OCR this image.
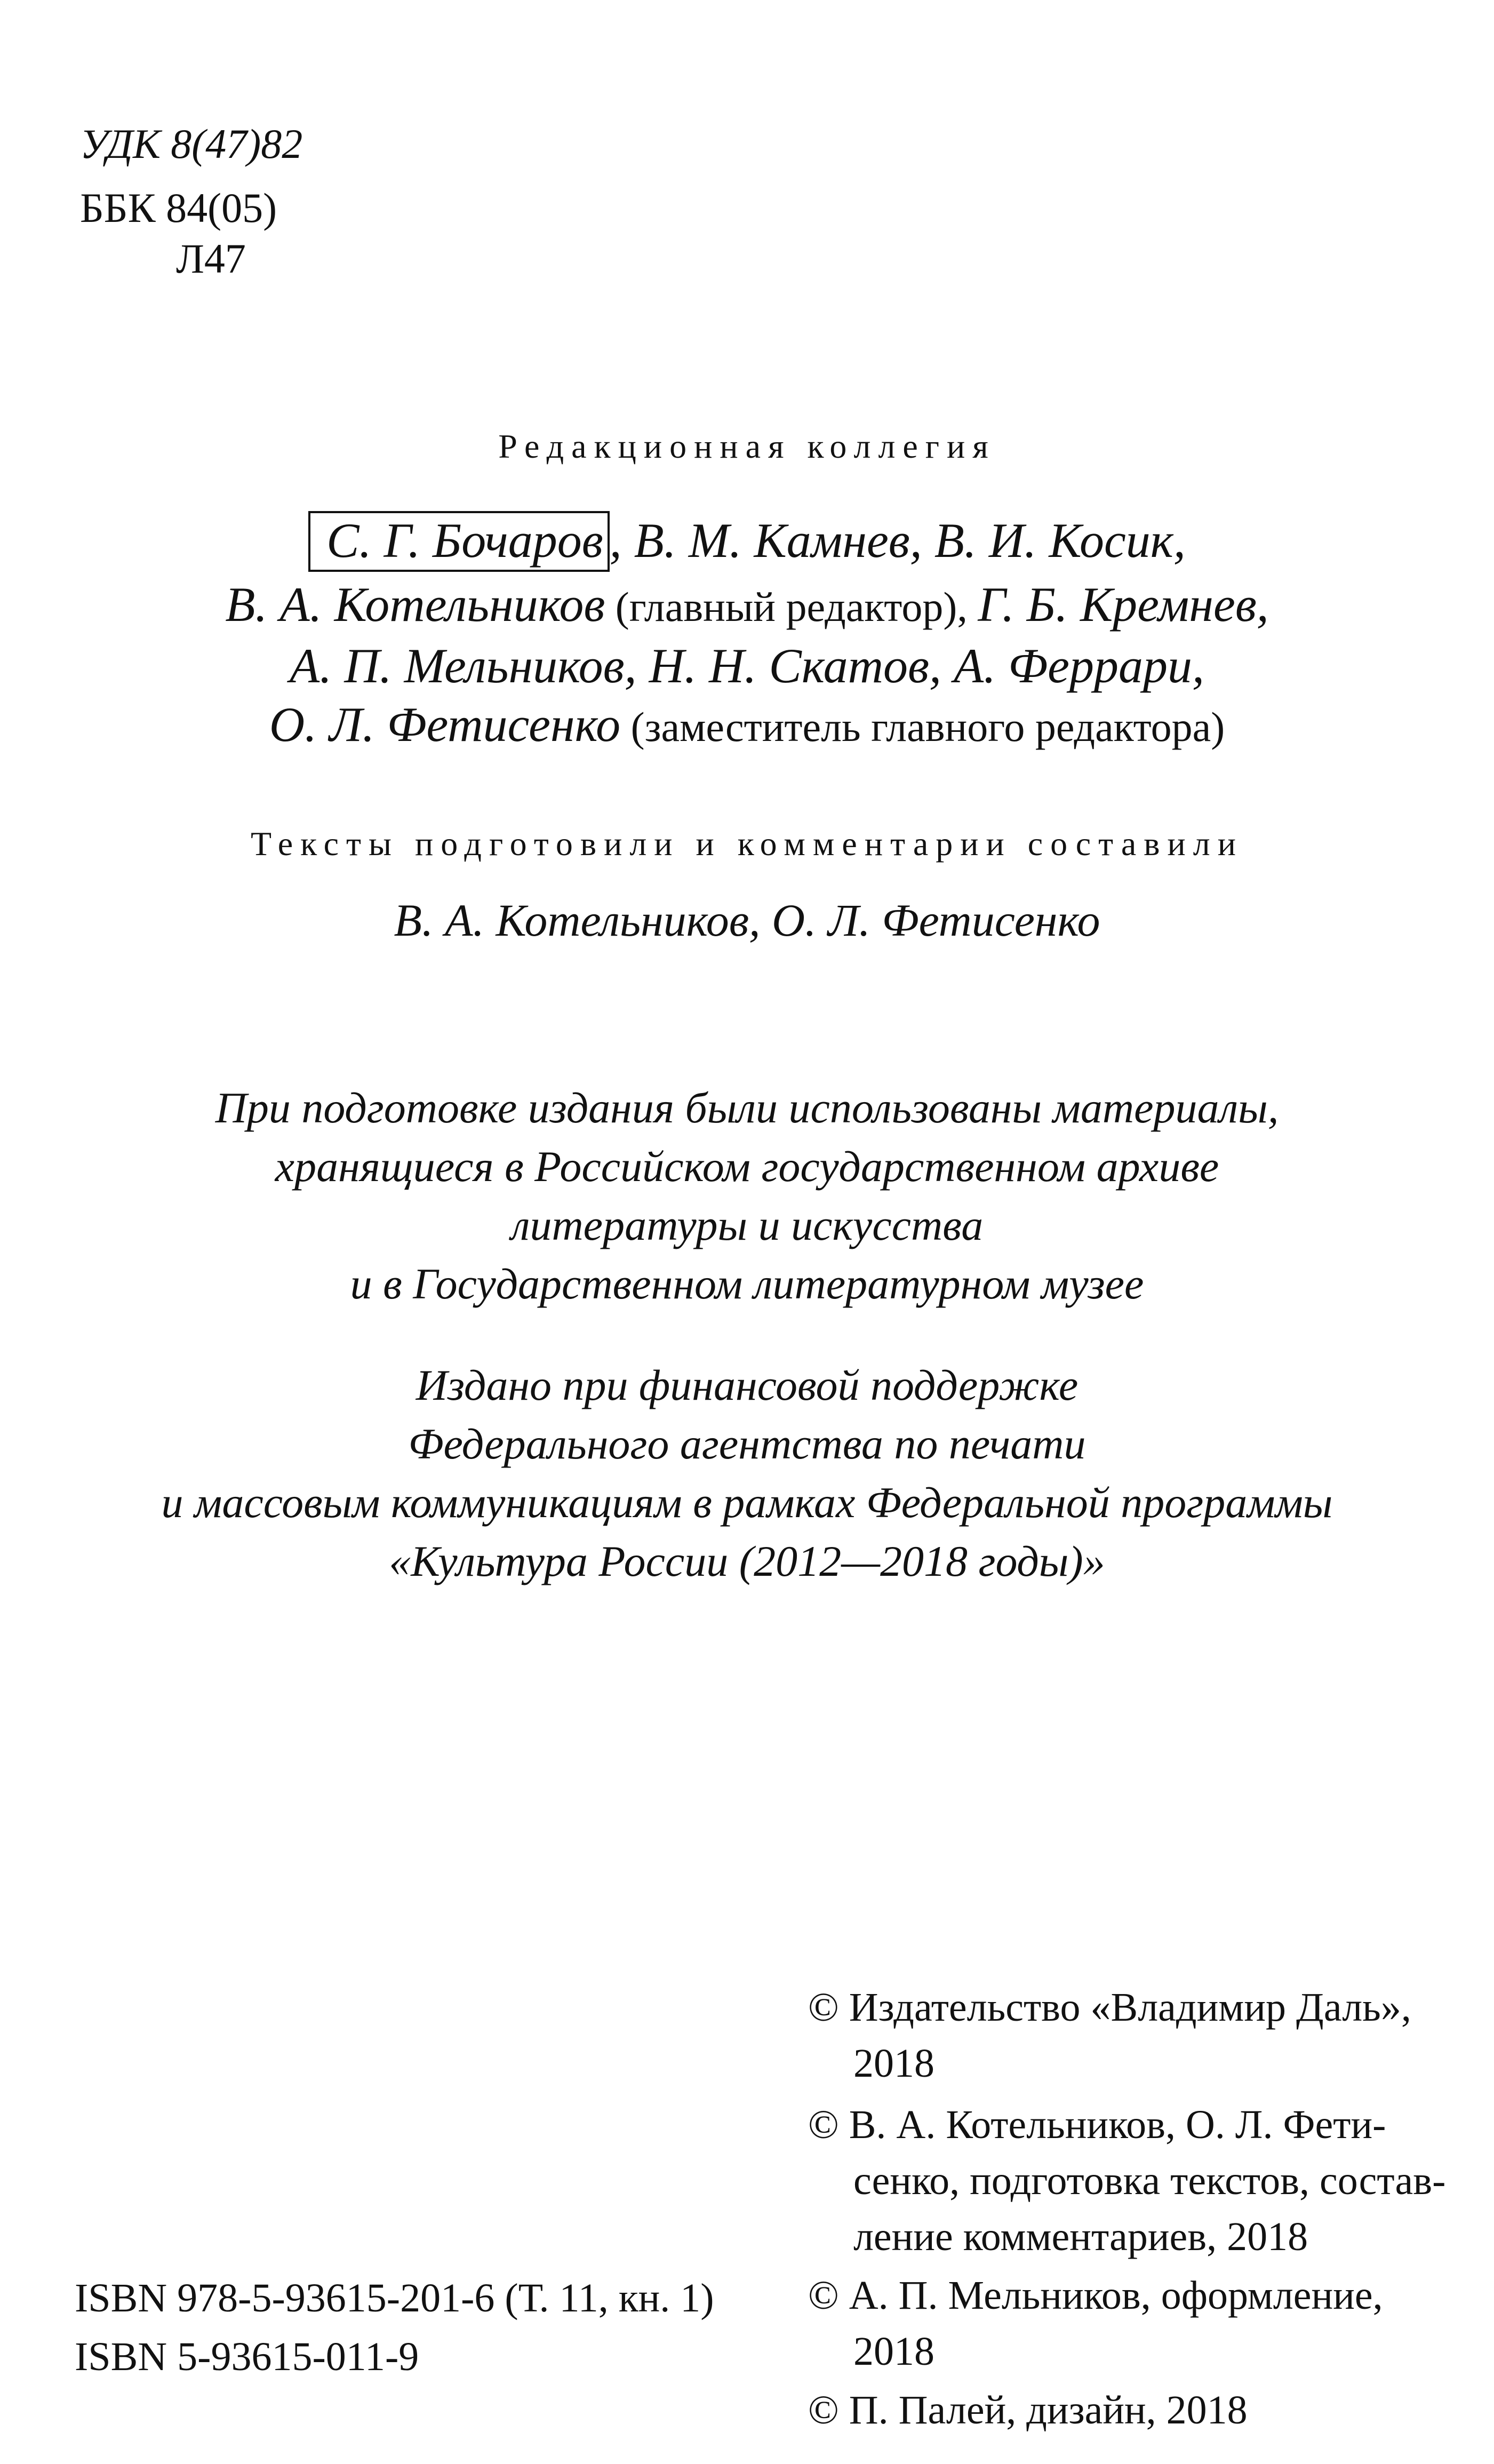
УДК 8(47)82
ББК 84(05)
Л47
Редакционная коллегия
С. Г. Бочаров , В. М. Камнев, В. И. Косик,
В. А. Котельников (главный редактор), Г. Б. Кремнев,
А. П. Мельников, Н. Н. Скатов, А. Феррари,
О. Л. Фетисенко (заместитель главного редактора)
Тексты подготовили и комментарии составили
В. А. Котельников, О. Л. Фетисенко
При подготовке издания были использованы материалы,
хранящиеся в Российском государственном архиве
литературы и искусства
и в Государственном литературном музее
Издано при финансовой поддержке
Федерального агентства по печати
и массовым коммуникациям в рамках Федеральной программы
«Культура России (2012—2018 годы)»
ISBN 978-5-93615-201-6 (Т. 11, кн. 1)
ISBN 5-93615-011-9
© Издательство «Владимир Даль»,
2018
© В. А. Котельников, О. Л. Фети-
сенко, подготовка текстов, состав-
ление комментариев, 2018
© А. П. Мельников, оформление,
2018
© П. Палей, дизайн, 2018
